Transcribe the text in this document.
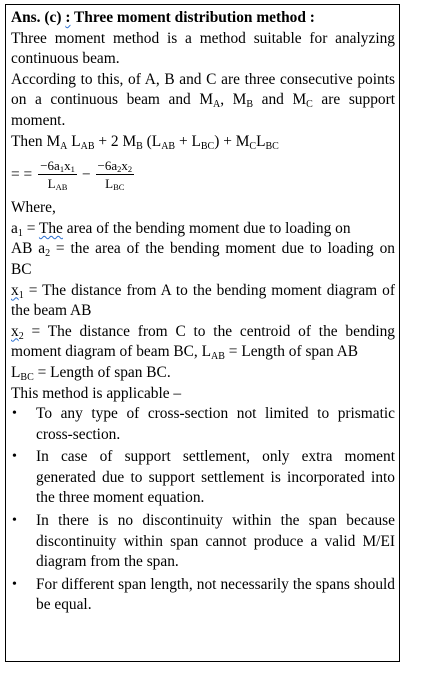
Ans. (c) : Three moment distribution method :

Three moment method is a method suitable for analyzing continuous beam.

According to this, of A, B and C are three consecutive points on a continuous beam and $M_A$, $M_B$ and $M_C$ are support moment.

Then $M_A$ $L_{AB} + 2$ $M_B$ $(L_{AB} + L_{BC}) + M_CL_{BC}$

= = $\frac{-6a_1x_1}{L_{AB}} - \frac{-6a_2x_2}{L_{BC}}$

Where,

$a_1$ = The area of the bending moment due to loading on

AB $a_2$ = the area of the bending moment due to loading on BC

$x_1$ = The distance from A to the bending moment diagram of the beam AB

$x_2$ = The distance from C to the centroid of the bending moment diagram of beam BC, $L_{AB}$ = Length of span AB

$L_{BC}$ = Length of span BC.

This method is applicable –

• To any type of cross-section not limited to prismatic cross-section.
• In case of support settlement, only extra moment generated due to support settlement is incorporated into the three moment equation.
• In there is no discontinuity within the span because discontinuity within span cannot produce a valid M/EI diagram from the span.
• For different span length, not necessarily the spans should be equal.
